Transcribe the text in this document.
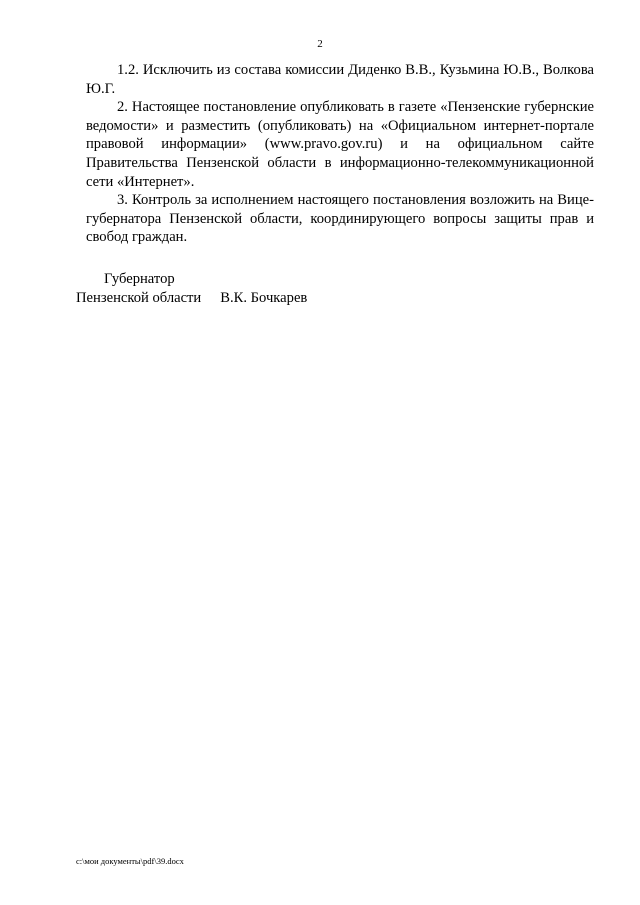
2

1.2. Исключить из состава комиссии Диденко В.В., Кузьмина Ю.В., Волкова Ю.Г.

2. Настоящее постановление опубликовать в газете «Пензенские губернские ведомости» и разместить (опубликовать) на «Официальном интернет-портале правовой информации» (www.pravo.gov.ru) и на официальном сайте Правительства Пензенской области в информационно-телекоммуникационной сети «Интернет».

3. Контроль за исполнением настоящего постановления возложить на Вице-губернатора Пензенской области, координирующего вопросы защиты прав и свобод граждан.

Губернатор
Пензенской области В.К. Бочкарев
c:\мои документы\pdf\39.docx
